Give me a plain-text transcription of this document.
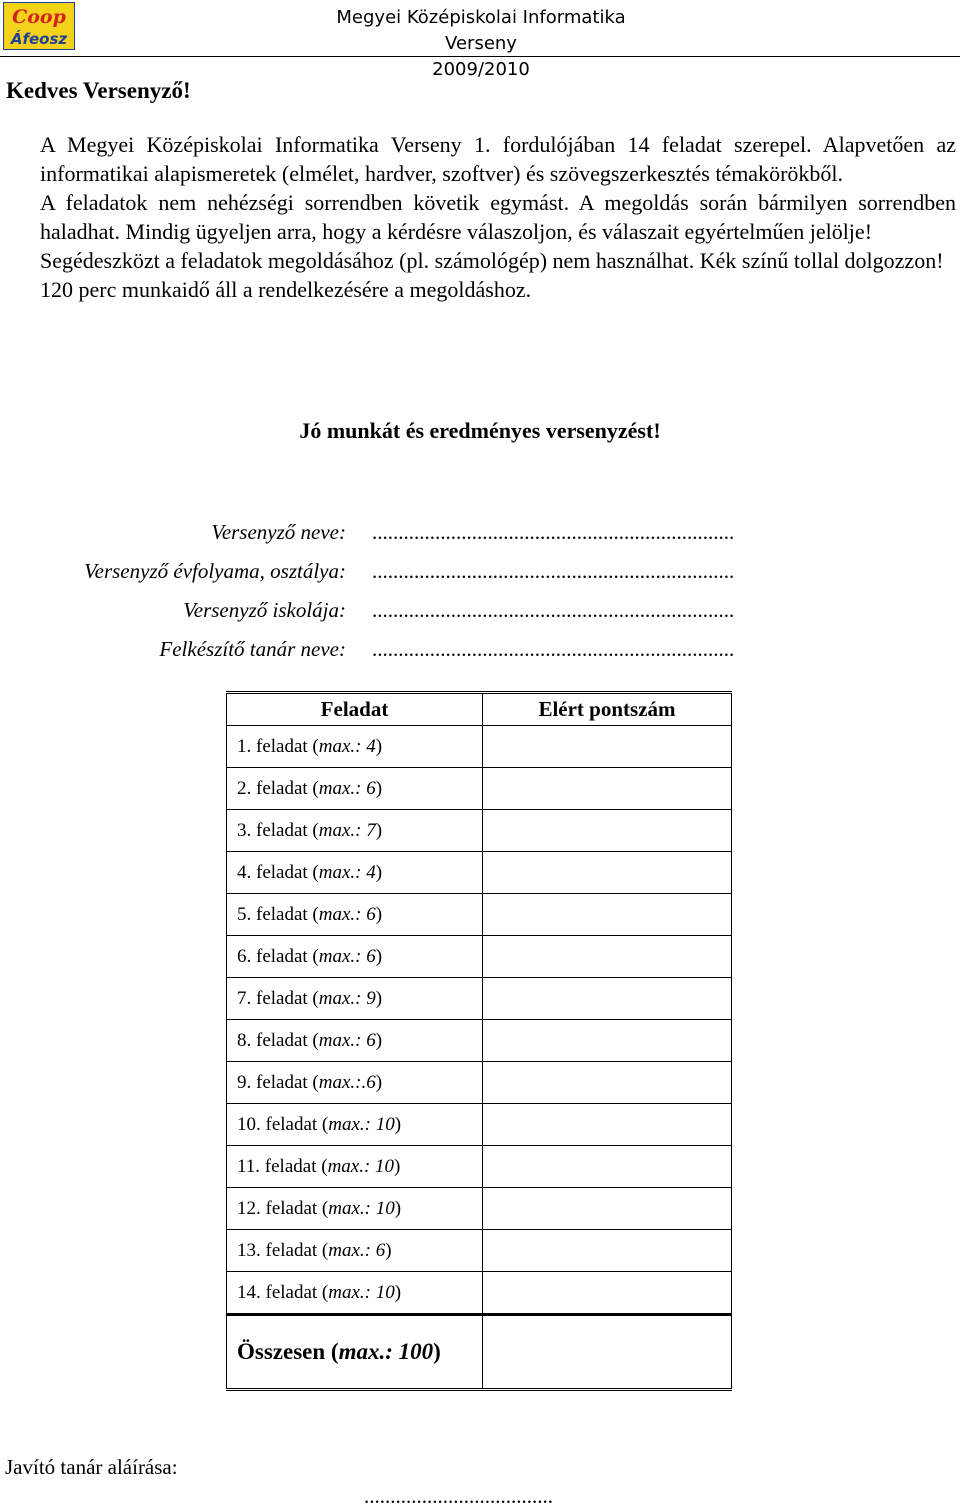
Coop
Áfeosz
Megyei Középiskolai Informatika Verseny
2009/2010
Kedves Versenyző!

A Megyei Középiskolai Informatika Verseny 1. fordulójában 14 feladat szerepel. Alapvetően az informatikai alapismeretek (elmélet, hardver, szoftver) és szövegszerkesztés témakörökből.

A feladatok nem nehézségi sorrendben követik egymást. A megoldás során bármilyen sorrendben haladhat. Mindig ügyeljen arra, hogy a kérdésre válaszoljon, és válaszait egyértelműen jelölje!

Segédeszközt a feladatok megoldásához (pl. számológép) nem használhat. Kék színű tollal dolgozzon!

120 perc munkaidő áll a rendelkezésére a megoldáshoz.

Jó munkát és eredményes versenyzést!
Versenyző neve: .....................................................................
Versenyző évfolyama, osztálya: .....................................................................
Versenyző iskolája: .....................................................................
Felkészítő tanár neve: .....................................................................
Feladat	Elért pontszám
1. feladat (max.: 4)	
2. feladat (max.: 6)	
3. feladat (max.: 7)	
4. feladat (max.: 4)	
5. feladat (max.: 6)	
6. feladat (max.: 6)	
7. feladat (max.: 9)	
8. feladat (max.: 6)	
9. feladat (max.:.6)	
10. feladat (max.: 10)	
11. feladat (max.: 10)	
12. feladat (max.: 10)	
13. feladat (max.: 6)	
14. feladat (max.: 10)	
Összesen (max.: 100)	
Javító tanár aláírása:
....................................
